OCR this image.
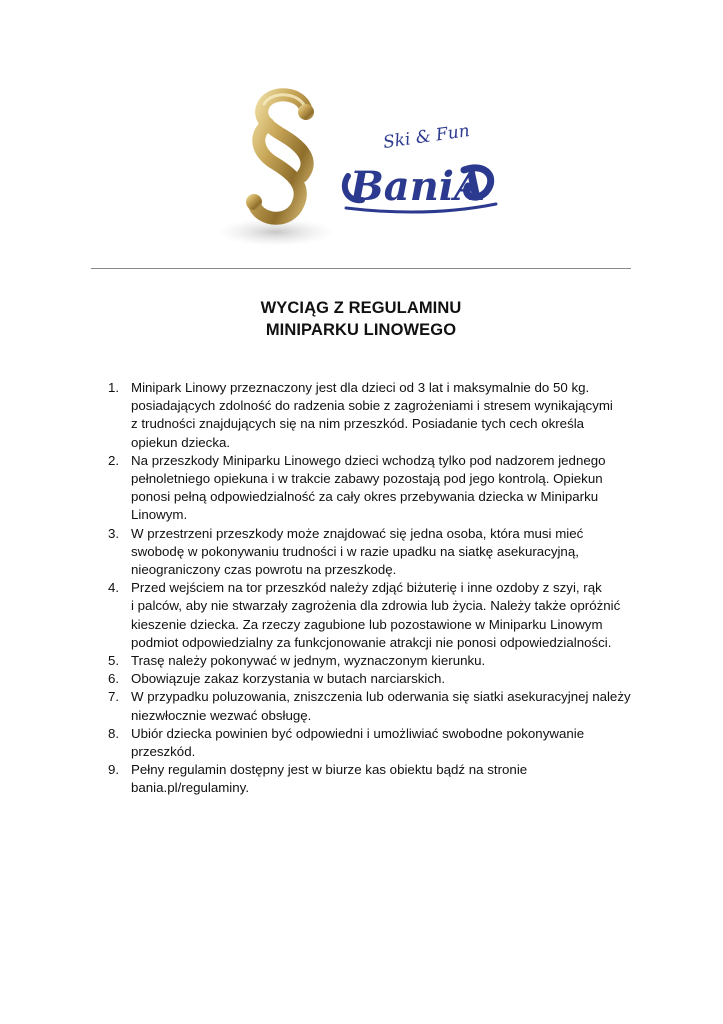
Ski & Fun
BaniA
WYCIĄG Z REGULAMINU
MINIPARKU LINOWEGO
1. Minipark Linowy przeznaczony jest dla dzieci od 3 lat i maksymalnie do 50 kg.
posiadających zdolność do radzenia sobie z zagrożeniami i stresem wynikającymi
z trudności znajdujących się na nim przeszkód. Posiadanie tych cech określa
opiekun dziecka.
2. Na przeszkody Miniparku Linowego dzieci wchodzą tylko pod nadzorem jednego
pełnoletniego opiekuna i w trakcie zabawy pozostają pod jego kontrolą. Opiekun
ponosi pełną odpowiedzialność za cały okres przebywania dziecka w Miniparku
Linowym.
3. W przestrzeni przeszkody może znajdować się jedna osoba, która musi mieć
swobodę w pokonywaniu trudności i w razie upadku na siatkę asekuracyjną,
nieograniczony czas powrotu na przeszkodę.
4. Przed wejściem na tor przeszkód należy zdjąć biżuterię i inne ozdoby z szyi, rąk
i palców, aby nie stwarzały zagrożenia dla zdrowia lub życia. Należy także opróżnić
kieszenie dziecka. Za rzeczy zagubione lub pozostawione w Miniparku Linowym
podmiot odpowiedzialny za funkcjonowanie atrakcji nie ponosi odpowiedzialności.
5. Trasę należy pokonywać w jednym, wyznaczonym kierunku.
6. Obowiązuje zakaz korzystania w butach narciarskich.
7. W przypadku poluzowania, zniszczenia lub oderwania się siatki asekuracyjnej należy
niezwłocznie wezwać obsługę.
8. Ubiór dziecka powinien być odpowiedni i umożliwiać swobodne pokonywanie
przeszkód.
9. Pełny regulamin dostępny jest w biurze kas obiektu bądź na stronie
bania.pl/regulaminy.
